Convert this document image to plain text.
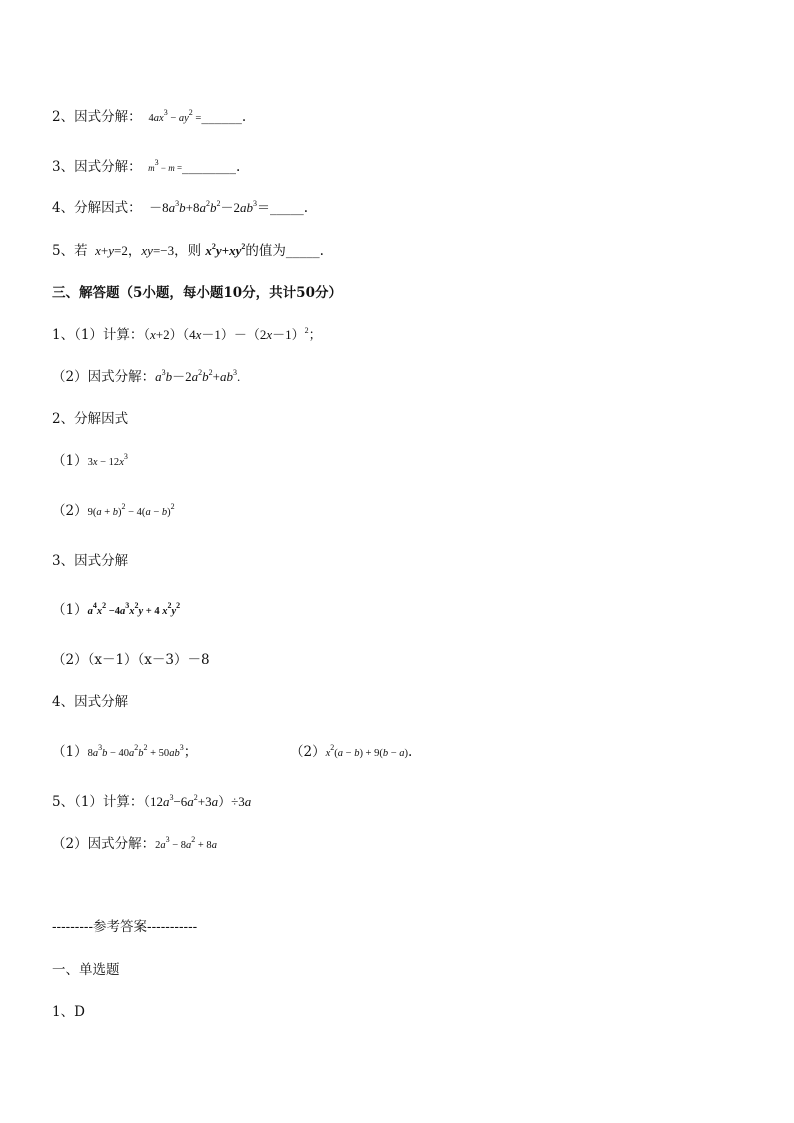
2、因式分解：  $4ax^3 - ay^2$ =______.
3、因式分解： $m^3 - m$ =________.
4、分解因式：  $-8a^3b+8a^2b^2-2ab^3=\_\_\_\_\_$.
5、若 x+y=2，xy=−3，则 $x^2y+xy^2$的值为_____.
三、解答题（5小题，每小题10分，共计50分）
1、（1）计算：$(x+2)(4x-1)-(2x-1)^2$；
（2）因式分解：$a^3b-2a^2b^2+ab^3$.
2、分解因式
$(1)3x - 12x^3$
$(2)9(a + b)^2 - 4(a - b)^2$
3、因式分解
$(1)a^4x^2 -4a^3x^2y + 4$ $x^2y^2$
（2）（x－1）（x－3）－8
4、因式分解
$(1)8a^3b - 40a^2b^2 + 50ab^3$；	$(2)x^2(a - b) + 9(b - a)$.
5、（1）计算：$(12a^3-6a^2+3a)\div 3a$
（2）因式分解：$2a^3 - 8a^2 + 8a$
---------参考答案-----------
一、单选题
1、D
